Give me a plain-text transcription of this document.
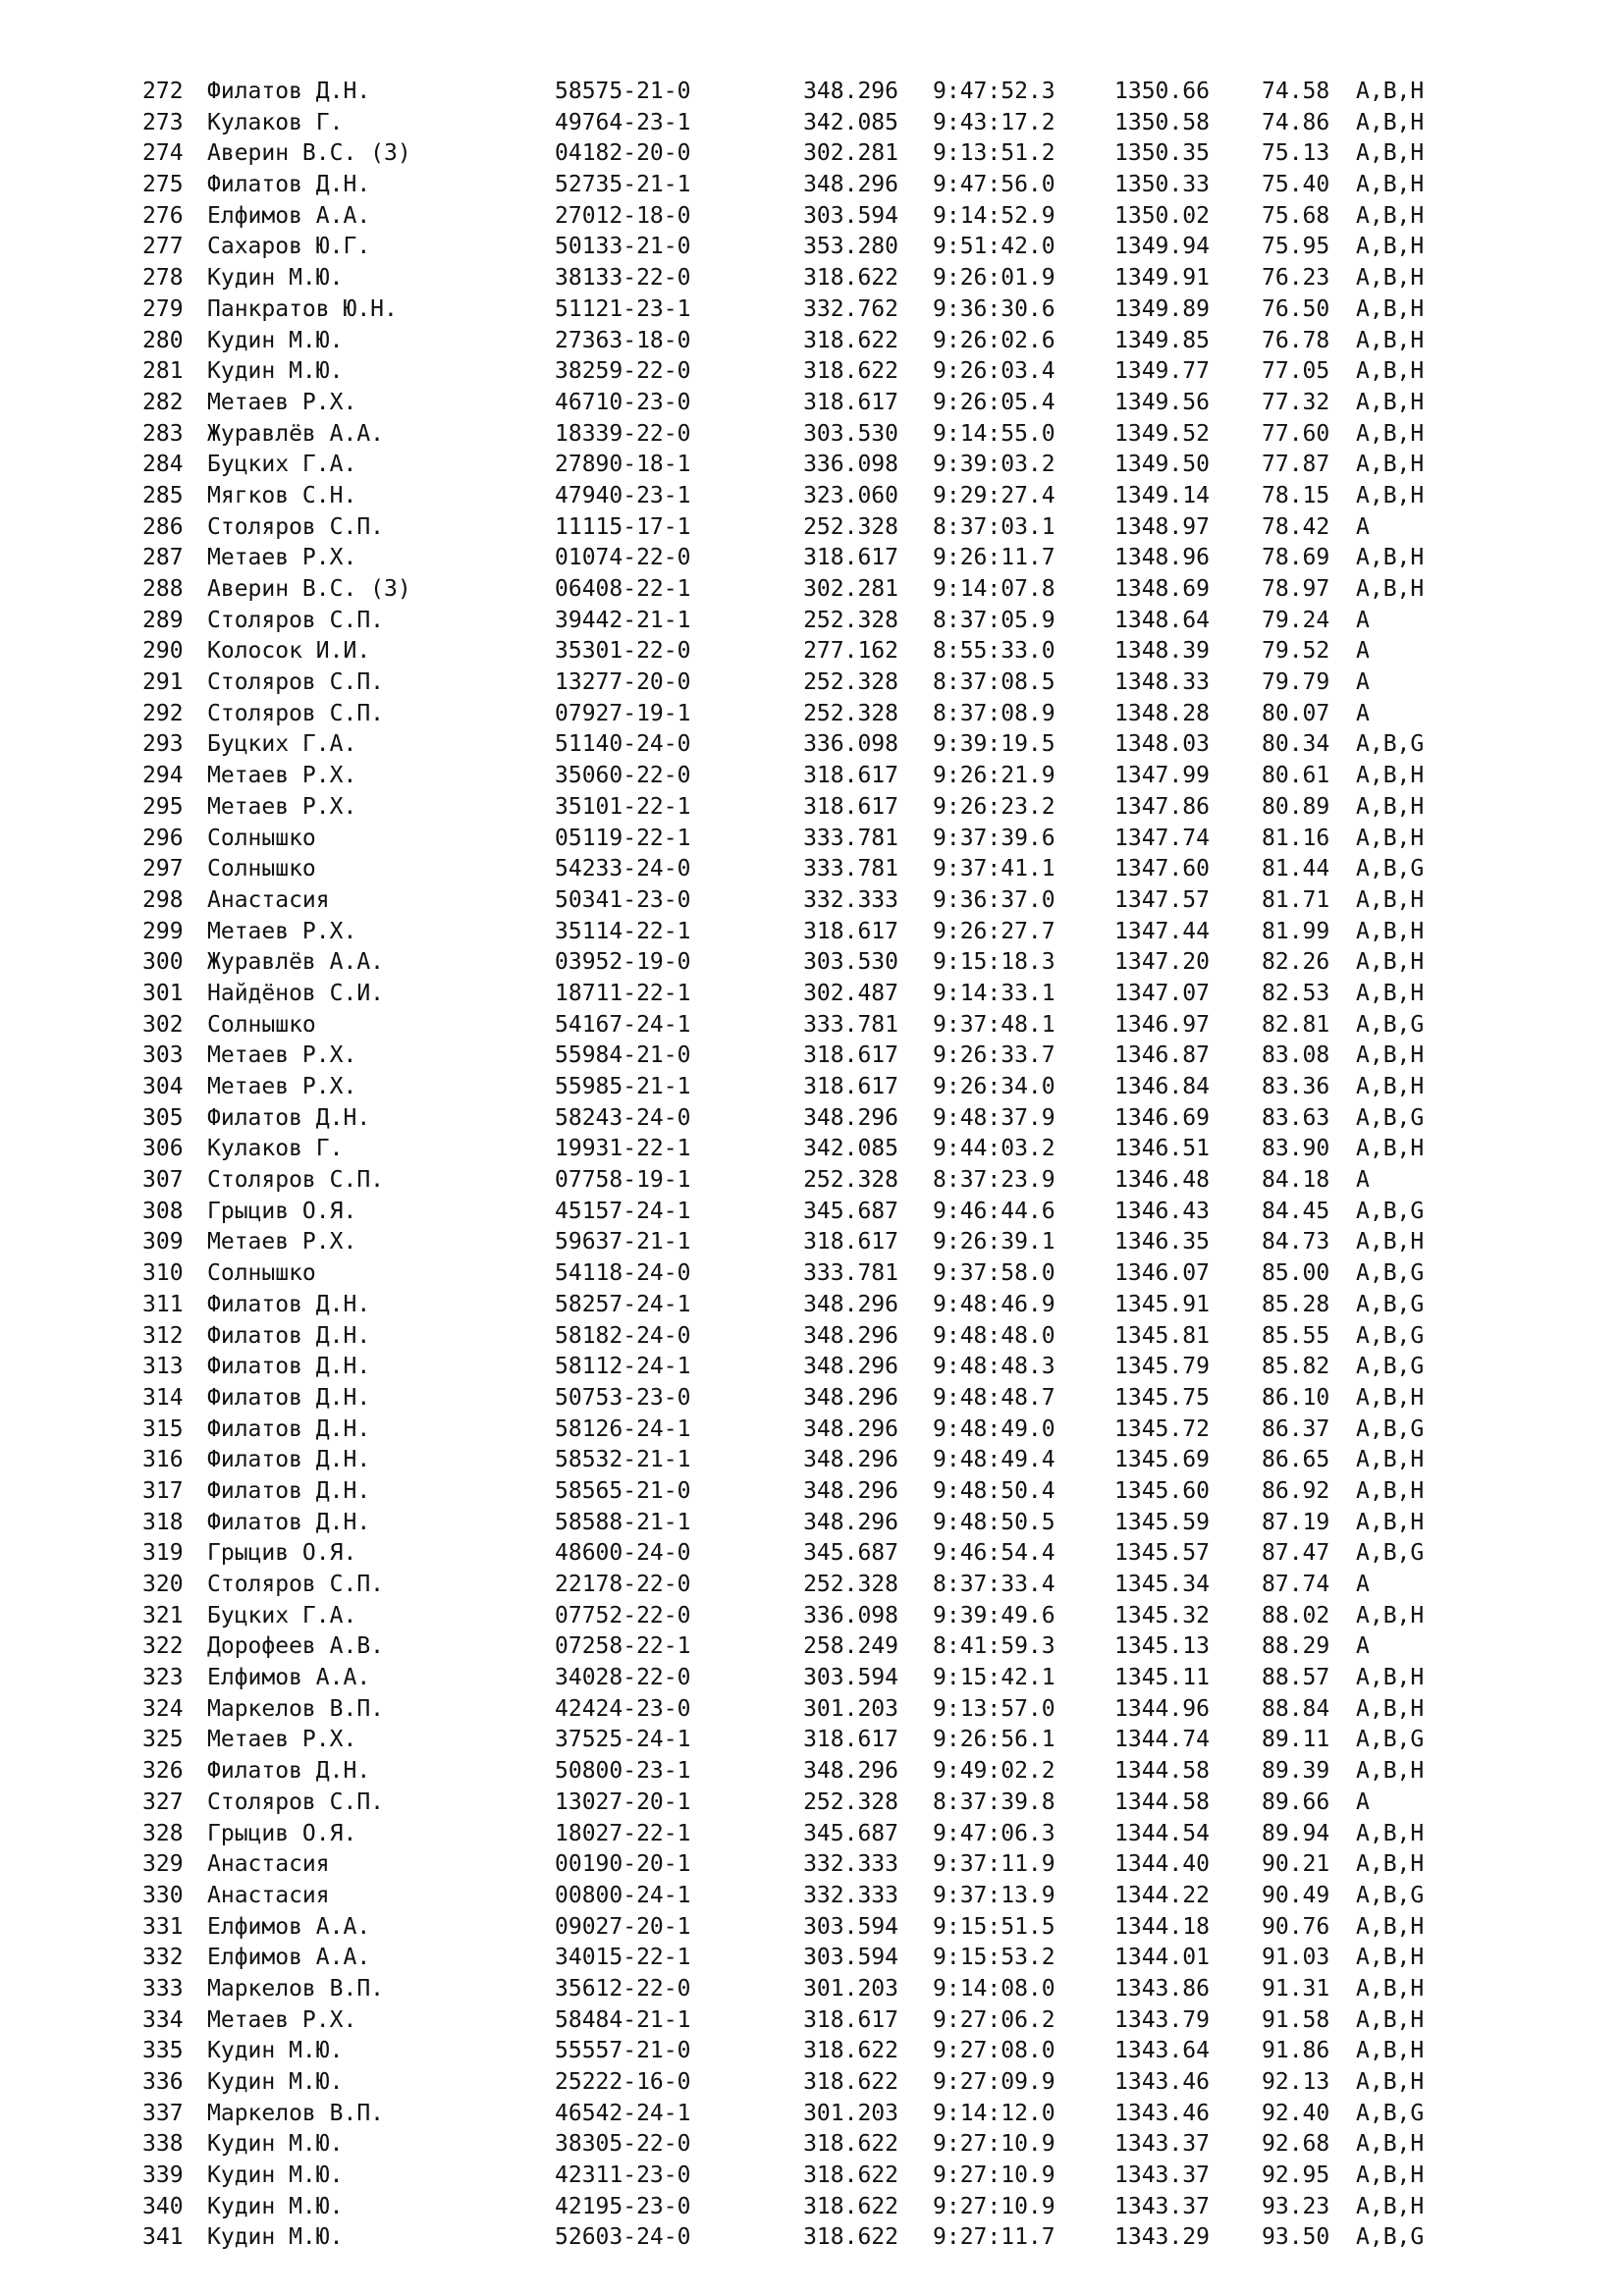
272 Филатов Д.Н.	58575-21-0	348.296 9:47:52.3	1350.66 74.58 A,B,H
273 Кулаков Г.	49764-23-1	342.085 9:43:17.2	1350.58 74.86 A,B,H
274 Аверин В.С. (З)	04182-20-0	302.281 9:13:51.2	1350.35 75.13 A,B,H
275 Филатов Д.Н.	52735-21-1	348.296 9:47:56.0	1350.33 75.40 A,B,H
276 Елфимов А.А.	27012-18-0	303.594 9:14:52.9	1350.02 75.68 A,B,H
277 Сахаров Ю.Г.	50133-21-0	353.280 9:51:42.0	1349.94 75.95 A,B,H
278 Кудин М.Ю.	38133-22-0	318.622 9:26:01.9	1349.91 76.23 A,B,H
279 Панкратов Ю.Н.	51121-23-1	332.762 9:36:30.6	1349.89 76.50 A,B,H
280 Кудин М.Ю.	27363-18-0	318.622 9:26:02.6	1349.85 76.78 A,B,H
281 Кудин М.Ю.	38259-22-0	318.622 9:26:03.4	1349.77 77.05 A,B,H
282 Метаев Р.Х.	46710-23-0	318.617 9:26:05.4	1349.56 77.32 A,B,H
283 Журавлёв А.А.	18339-22-0	303.530 9:14:55.0	1349.52 77.60 A,B,H
284 Буцких Г.А.	27890-18-1	336.098 9:39:03.2	1349.50 77.87 A,B,H
285 Мягков С.Н.	47940-23-1	323.060 9:29:27.4	1349.14 78.15 A,B,H
286 Столяров С.П.	11115-17-1	252.328 8:37:03.1	1348.97 78.42 A
287 Метаев Р.Х.	01074-22-0	318.617 9:26:11.7	1348.96 78.69 A,B,H
288 Аверин В.С. (З)	06408-22-1	302.281 9:14:07.8	1348.69 78.97 A,B,H
289 Столяров С.П.	39442-21-1	252.328 8:37:05.9	1348.64 79.24 A
290 Колосок И.И.	35301-22-0	277.162 8:55:33.0	1348.39 79.52 A
291 Столяров С.П.	13277-20-0	252.328 8:37:08.5	1348.33 79.79 A
292 Столяров С.П.	07927-19-1	252.328 8:37:08.9	1348.28 80.07 A
293 Буцких Г.А.	51140-24-0	336.098 9:39:19.5	1348.03 80.34 A,B,G
294 Метаев Р.Х.	35060-22-0	318.617 9:26:21.9	1347.99 80.61 A,B,H
295 Метаев Р.Х.	35101-22-1	318.617 9:26:23.2	1347.86 80.89 A,B,H
296 Солнышко	05119-22-1	333.781 9:37:39.6	1347.74 81.16 A,B,H
297 Солнышко	54233-24-0	333.781 9:37:41.1	1347.60 81.44 A,B,G
298 Анастасия	50341-23-0	332.333 9:36:37.0	1347.57 81.71 A,B,H
299 Метаев Р.Х.	35114-22-1	318.617 9:26:27.7	1347.44 81.99 A,B,H
300 Журавлёв А.А.	03952-19-0	303.530 9:15:18.3	1347.20 82.26 A,B,H
301 Найдёнов С.И.	18711-22-1	302.487 9:14:33.1	1347.07 82.53 A,B,H
302 Солнышко	54167-24-1	333.781 9:37:48.1	1346.97 82.81 A,B,G
303 Метаев Р.Х.	55984-21-0	318.617 9:26:33.7	1346.87 83.08 A,B,H
304 Метаев Р.Х.	55985-21-1	318.617 9:26:34.0	1346.84 83.36 A,B,H
305 Филатов Д.Н.	58243-24-0	348.296 9:48:37.9	1346.69 83.63 A,B,G
306 Кулаков Г.	19931-22-1	342.085 9:44:03.2	1346.51 83.90 A,B,H
307 Столяров С.П.	07758-19-1	252.328 8:37:23.9	1346.48 84.18 A
308 Грыцив О.Я.	45157-24-1	345.687 9:46:44.6	1346.43 84.45 A,B,G
309 Метаев Р.Х.	59637-21-1	318.617 9:26:39.1	1346.35 84.73 A,B,H
310 Солнышко	54118-24-0	333.781 9:37:58.0	1346.07 85.00 A,B,G
311 Филатов Д.Н.	58257-24-1	348.296 9:48:46.9	1345.91 85.28 A,B,G
312 Филатов Д.Н.	58182-24-0	348.296 9:48:48.0	1345.81 85.55 A,B,G
313 Филатов Д.Н.	58112-24-1	348.296 9:48:48.3	1345.79 85.82 A,B,G
314 Филатов Д.Н.	50753-23-0	348.296 9:48:48.7	1345.75 86.10 A,B,H
315 Филатов Д.Н.	58126-24-1	348.296 9:48:49.0	1345.72 86.37 A,B,G
316 Филатов Д.Н.	58532-21-1	348.296 9:48:49.4	1345.69 86.65 A,B,H
317 Филатов Д.Н.	58565-21-0	348.296 9:48:50.4	1345.60 86.92 A,B,H
318 Филатов Д.Н.	58588-21-1	348.296 9:48:50.5	1345.59 87.19 A,B,H
319 Грыцив О.Я.	48600-24-0	345.687 9:46:54.4	1345.57 87.47 A,B,G
320 Столяров С.П.	22178-22-0	252.328 8:37:33.4	1345.34 87.74 A
321 Буцких Г.А.	07752-22-0	336.098 9:39:49.6	1345.32 88.02 A,B,H
322 Дорофеев А.В.	07258-22-1	258.249 8:41:59.3	1345.13 88.29 A
323 Елфимов А.А.	34028-22-0	303.594 9:15:42.1	1345.11 88.57 A,B,H
324 Маркелов В.П.	42424-23-0	301.203 9:13:57.0	1344.96 88.84 A,B,H
325 Метаев Р.Х.	37525-24-1	318.617 9:26:56.1	1344.74 89.11 A,B,G
326 Филатов Д.Н.	50800-23-1	348.296 9:49:02.2	1344.58 89.39 A,B,H
327 Столяров С.П.	13027-20-1	252.328 8:37:39.8	1344.58 89.66 A
328 Грыцив О.Я.	18027-22-1	345.687 9:47:06.3	1344.54 89.94 A,B,H
329 Анастасия	00190-20-1	332.333 9:37:11.9	1344.40 90.21 A,B,H
330 Анастасия	00800-24-1	332.333 9:37:13.9	1344.22 90.49 A,B,G
331 Елфимов А.А.	09027-20-1	303.594 9:15:51.5	1344.18 90.76 A,B,H
332 Елфимов А.А.	34015-22-1	303.594 9:15:53.2	1344.01 91.03 A,B,H
333 Маркелов В.П.	35612-22-0	301.203 9:14:08.0	1343.86 91.31 A,B,H
334 Метаев Р.Х.	58484-21-1	318.617 9:27:06.2	1343.79 91.58 A,B,H
335 Кудин М.Ю.	55557-21-0	318.622 9:27:08.0	1343.64 91.86 A,B,H
336 Кудин М.Ю.	25222-16-0	318.622 9:27:09.9	1343.46 92.13 A,B,H
337 Маркелов В.П.	46542-24-1	301.203 9:14:12.0	1343.46 92.40 A,B,G
338 Кудин М.Ю.	38305-22-0	318.622 9:27:10.9	1343.37 92.68 A,B,H
339 Кудин М.Ю.	42311-23-0	318.622 9:27:10.9	1343.37 92.95 A,B,H
340 Кудин М.Ю.	42195-23-0	318.622 9:27:10.9	1343.37 93.23 A,B,H
341 Кудин М.Ю.	52603-24-0	318.622 9:27:11.7	1343.29 93.50 A,B,G
